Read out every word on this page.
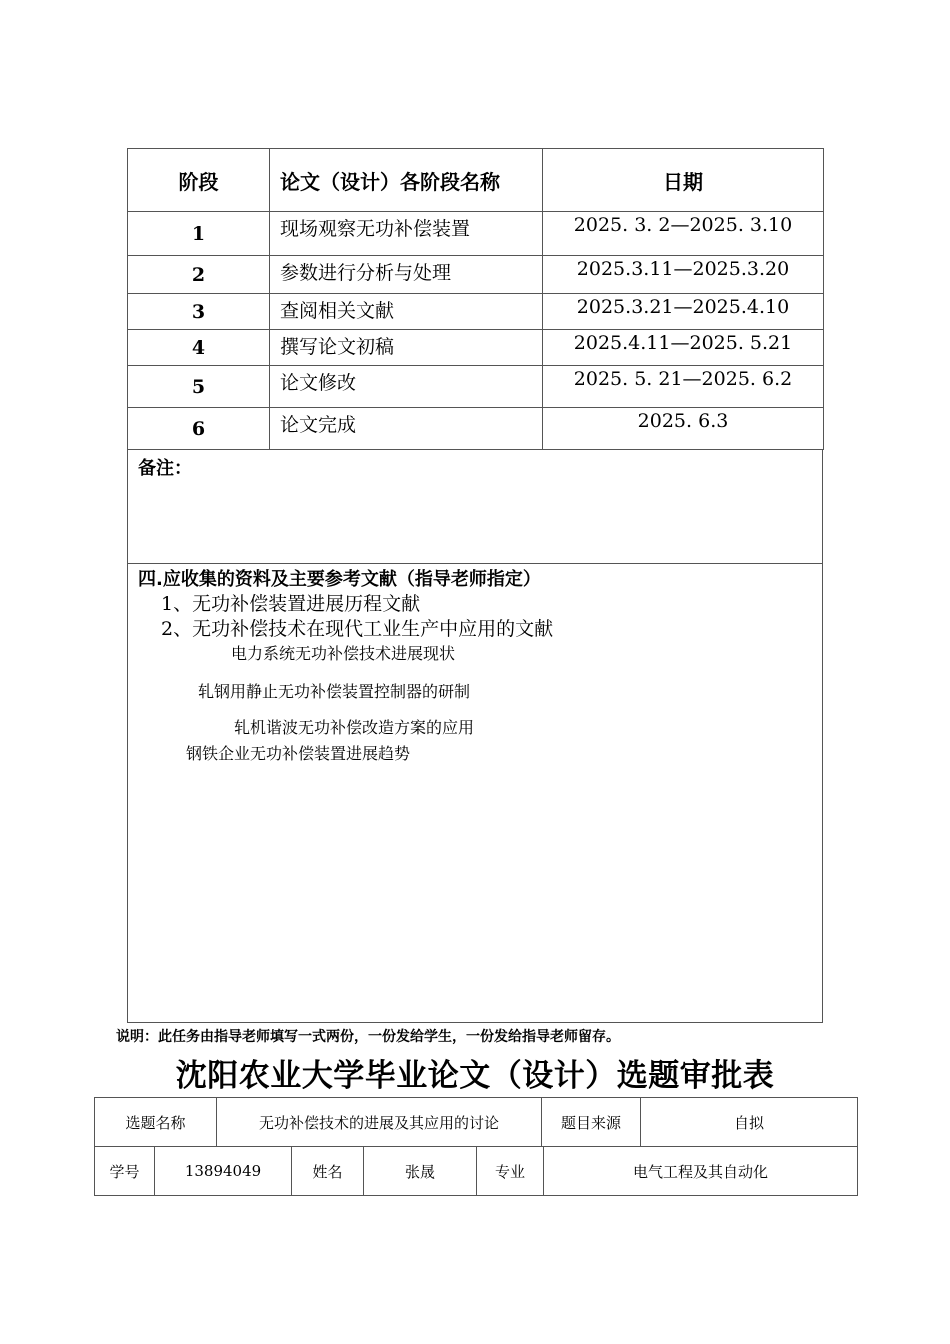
阶段	论文（设计）各阶段名称	日期
1	现场观察无功补偿装置	2025. 3. 2—2025. 3.10
2	参数进行分析与处理	2025.3.11—2025.3.20
3	查阅相关文献	2025.3.21—2025.4.10
4	撰写论文初稿	2025.4.11—2025. 5.21
5	论文修改	2025. 5. 21—2025. 6.2
6	论文完成	2025. 6.3
备注：
四.应收集的资料及主要参考文献（指导老师指定）
1、无功补偿装置进展历程文献
2、无功补偿技术在现代工业生产中应用的文献
电力系统无功补偿技术进展现状
轧钢用静止无功补偿装置控制器的研制
轧机谐波无功补偿改造方案的应用
钢铁企业无功补偿装置进展趋势
说明：此任务由指导老师填写一式两份，一份发给学生，一份发给指导老师留存。
沈阳农业大学毕业论文（设计）选题审批表
选题名称	无功补偿技术的进展及其应用的讨论	题目来源	自拟
学号	13894049	姓名	张晟	专业	电气工程及其自动化
